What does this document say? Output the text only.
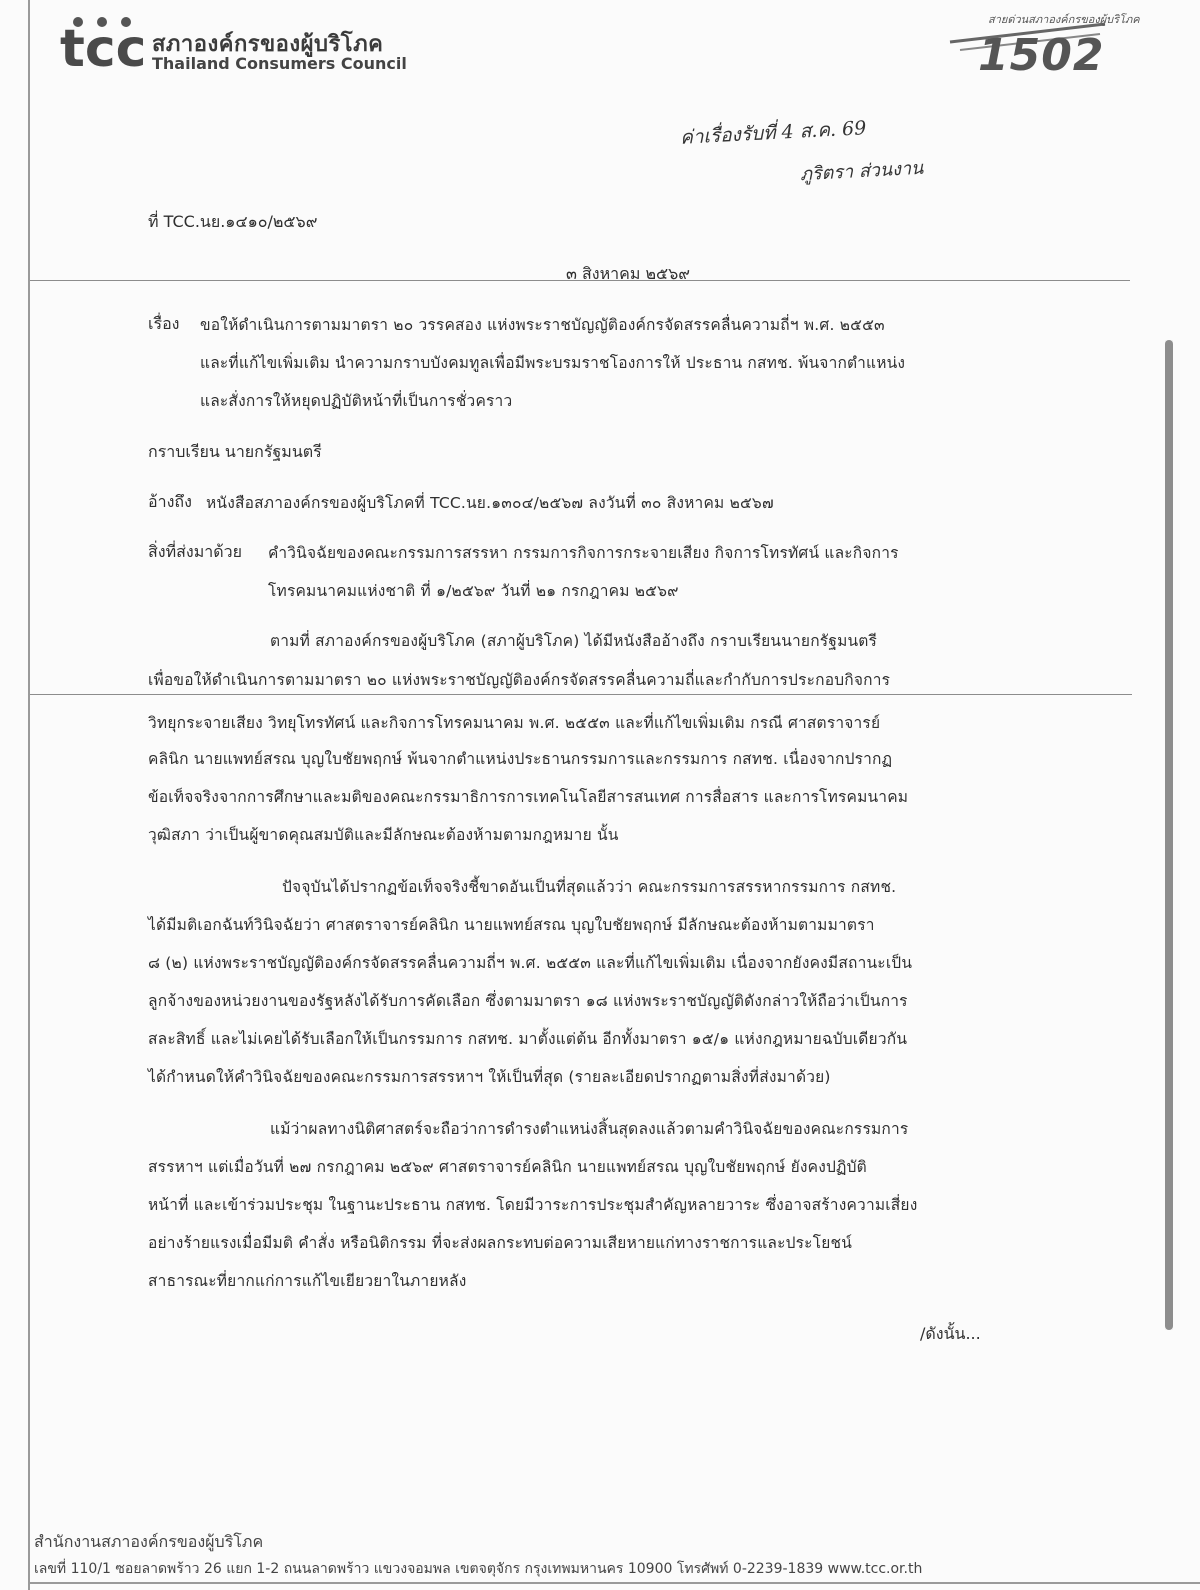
tcc สภาองค์กรของผู้บริโภค
Thailand Consumers Council
สายด่วนสภาองค์กรของผู้บริโภค
1502
ค่าเรื่องรับที่ 4 ส.ค. 69
ภูริตรา ส่วนงาน
ที่ TCC.นย.๑๔๑๐/๒๕๖๙
๓ สิงหาคม ๒๕๖๙
เรื่อง ขอให้ดำเนินการตามมาตรา ๒๐ วรรคสอง แห่งพระราชบัญญัติองค์กรจัดสรรคลื่นความถี่ฯ พ.ศ. ๒๕๕๓
และที่แก้ไขเพิ่มเติม นำความกราบบังคมทูลเพื่อมีพระบรมราชโองการให้ ประธาน กสทช. พ้นจากตำแหน่ง
และสั่งการให้หยุดปฏิบัติหน้าที่เป็นการชั่วคราว
กราบเรียน นายกรัฐมนตรี
อ้างถึง หนังสือสภาองค์กรของผู้บริโภคที่ TCC.นย.๑๓๐๔/๒๕๖๗ ลงวันที่ ๓๐ สิงหาคม ๒๕๖๗
สิ่งที่ส่งมาด้วย คำวินิจฉัยของคณะกรรมการสรรหา กรรมการกิจการกระจายเสียง กิจการโทรทัศน์ และกิจการ
โทรคมนาคมแห่งชาติ ที่ ๑/๒๕๖๙ วันที่ ๒๑ กรกฎาคม ๒๕๖๙
ตามที่ สภาองค์กรของผู้บริโภค (สภาผู้บริโภค) ได้มีหนังสืออ้างถึง กราบเรียนนายกรัฐมนตรี
เพื่อขอให้ดำเนินการตามมาตรา ๒๐ แห่งพระราชบัญญัติองค์กรจัดสรรคลื่นความถี่และกำกับการประกอบกิจการ
วิทยุกระจายเสียง วิทยุโทรทัศน์ และกิจการโทรคมนาคม พ.ศ. ๒๕๕๓ และที่แก้ไขเพิ่มเติม กรณี ศาสตราจารย์
คลินิก นายแพทย์สรณ บุญใบชัยพฤกษ์ พ้นจากตำแหน่งประธานกรรมการและกรรมการ กสทช. เนื่องจากปรากฏ
ข้อเท็จจริงจากการศึกษาและมติของคณะกรรมาธิการการเทคโนโลยีสารสนเทศ การสื่อสาร และการโทรคมนาคม
วุฒิสภา ว่าเป็นผู้ขาดคุณสมบัติและมีลักษณะต้องห้ามตามกฎหมาย นั้น
ปัจจุบันได้ปรากฏข้อเท็จจริงชี้ขาดอันเป็นที่สุดแล้วว่า คณะกรรมการสรรหากรรมการ กสทช.
ได้มีมติเอกฉันท์วินิจฉัยว่า ศาสตราจารย์คลินิก นายแพทย์สรณ บุญใบชัยพฤกษ์ มีลักษณะต้องห้ามตามมาตรา
๘ (๒) แห่งพระราชบัญญัติองค์กรจัดสรรคลื่นความถี่ฯ พ.ศ. ๒๕๕๓ และที่แก้ไขเพิ่มเติม เนื่องจากยังคงมีสถานะเป็น
ลูกจ้างของหน่วยงานของรัฐหลังได้รับการคัดเลือก ซึ่งตามมาตรา ๑๘ แห่งพระราชบัญญัติดังกล่าวให้ถือว่าเป็นการ
สละสิทธิ์ และไม่เคยได้รับเลือกให้เป็นกรรมการ กสทช. มาตั้งแต่ต้น อีกทั้งมาตรา ๑๕/๑ แห่งกฎหมายฉบับเดียวกัน
ได้กำหนดให้คำวินิจฉัยของคณะกรรมการสรรหาฯ ให้เป็นที่สุด (รายละเอียดปรากฏตามสิ่งที่ส่งมาด้วย)
แม้ว่าผลทางนิติศาสตร์จะถือว่าการดำรงตำแหน่งสิ้นสุดลงแล้วตามคำวินิจฉัยของคณะกรรมการ
สรรหาฯ แต่เมื่อวันที่ ๒๗ กรกฎาคม ๒๕๖๙ ศาสตราจารย์คลินิก นายแพทย์สรณ บุญใบชัยพฤกษ์ ยังคงปฏิบัติ
หน้าที่ และเข้าร่วมประชุม ในฐานะประธาน กสทช. โดยมีวาระการประชุมสำคัญหลายวาระ ซึ่งอาจสร้างความเสี่ยง
อย่างร้ายแรงเมื่อมีมติ คำสั่ง หรือนิติกรรม ที่จะส่งผลกระทบต่อความเสียหายแก่ทางราชการและประโยชน์
สาธารณะที่ยากแก่การแก้ไขเยียวยาในภายหลัง
/ดังนั้น...
สำนักงานสภาองค์กรของผู้บริโภค
เลขที่ 110/1 ซอยลาดพร้าว 26 แยก 1-2 ถนนลาดพร้าว แขวงจอมพล เขตจตุจักร กรุงเทพมหานคร 10900 โทรศัพท์ 0-2239-1839 www.tcc.or.th
